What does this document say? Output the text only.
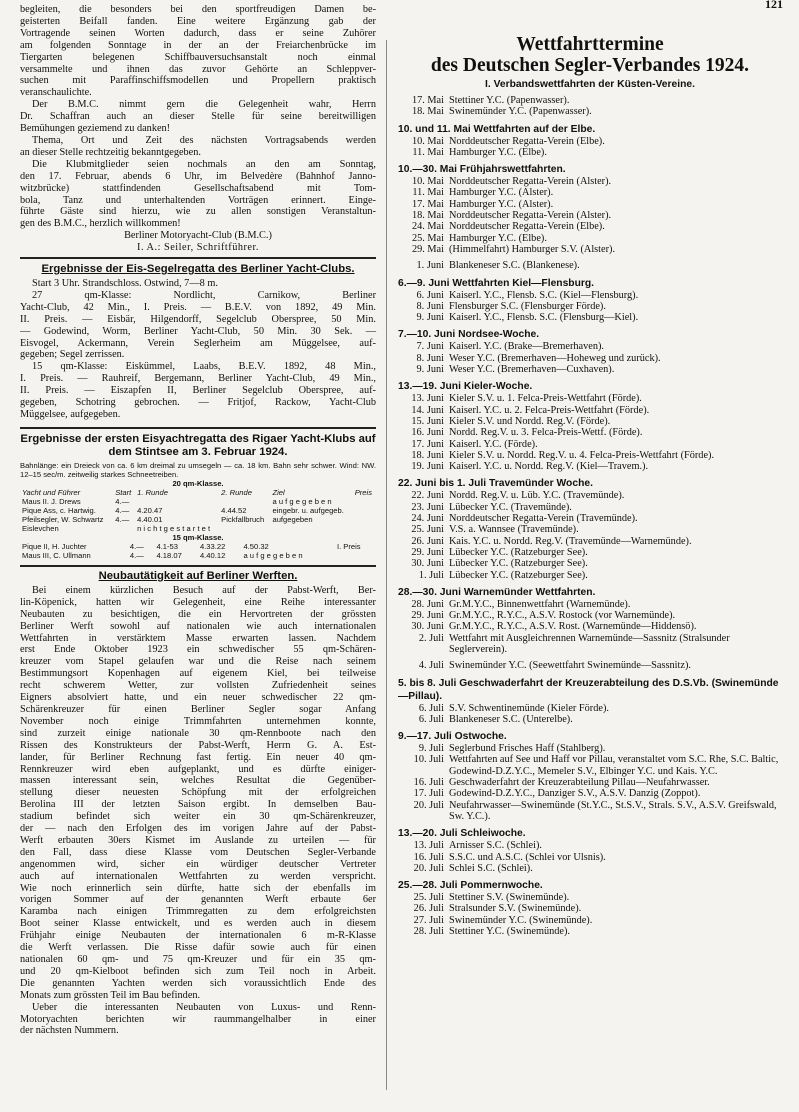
121
begleiten, die besonders bei den sportfreudigen Damen be-
geisterten Beifall fanden. Eine weitere Ergänzung gab der
Vortragende seinen Worten dadurch, dass er seine Zuhörer
am folgenden Sonntage in der an der Freiarchenbrücke im
Tiergarten belegenen Schiffbauversuchsanstalt noch einmal
versammelte und ihnen das zuvor Gehörte an Schleppver-
suchen mit Paraffinschiffsmodellen und Propellern praktisch
veranschaulichte.
Der B.M.C. nimmt gern die Gelegenheit wahr, Herrn
Dr. Schaffran auch an dieser Stelle für seine bereitwilligen
Bemühungen geziemend zu danken!
Thema, Ort und Zeit des nächsten Vortragsabends werden
an dieser Stelle rechtzeitig bekanntgegeben.
Die Klubmitglieder seien nochmals an den am Sonntag,
den 17. Februar, abends 6 Uhr, im Belvedère (Bahnhof Janno-
witzbrücke) stattfindenden Gesellschaftsabend mit Tom-
bola, Tanz und unterhaltenden Vorträgen erinnert. Einge-
führte Gäste sind hierzu, wie zu allen sonstigen Veranstaltun-
gen des B.M.C., herzlich willkommen!

Berliner Motoryacht-Club (B.M.C.)

I. A.: Seiler, Schriftführer.

Ergebnisse der Eis-Segelregatta des Berliner Yacht-Clubs.

Start 3 Uhr. Strandschloss. Ostwind, 7—8 m.
27 qm-Klasse: Nordlicht, Carnikow, Berliner
Yacht-Club, 42 Min., I. Preis. — B.E.V. von 1892, 49 Min.
II. Preis. — Eisbär, Hilgendorff, Segelclub Oberspree, 50 Min.
— Godewind, Worm, Berliner Yacht-Club, 50 Min. 30 Sek. —
Eisvogel, Ackermann, Verein Seglerheim am Müggelsee, auf-
gegeben; Segel zerrissen.
15 qm-Klasse: Eiskümmel, Laabs, B.E.V. 1892, 48 Min.,
I. Preis. — Rauhreif, Bergemann, Berliner Yacht-Club, 49 Min.,
II. Preis. — Eiszapfen II, Berliner Segelclub Oberspree, auf-
gegeben, Schotring gebrochen. — Fritjof, Rackow, Yacht-Club
Müggelsee, aufgegeben.

Ergebnisse der ersten Eisyachtregatta des Rigaer Yacht-Klubs auf dem Stintsee am 3. Februar 1924.

Bahnlänge: ein Dreieck von ca. 6 km dreimal zu umsegeln — ca. 18 km. Bahn sehr schwer. Wind: NW. 12–15 sec/m. zeitweilig starkes Schneetreiben.

20 qm-Klasse.

Yacht und Führer	Start	1. Runde	2. Runde	Ziel	Preis
Maus II. J. Drews	4.—			a u f g e g e b e n	
Pique Ass, c. Hartwig.	4.—	4.20.47	4.44.52	eingebr. u. aufgegeb.	
Pfeilsegler, W. Schwartz	4.—	4.40.01	Pickfallbruch	aufgegeben	
Eislevchen		n i c h t g e s t a r t e t			

15 qm-Klasse.

Pique II, H. Juchter	4.—	4.1-53	4.33.22	4.50.32	I. Preis
Maus III, C. Ullmann	4.—	4.18.07	4.40.12	a u f g e g e b e n	

Neubautätigkeit auf Berliner Werften.

Bei einem kürzlichen Besuch auf der Pabst-Werft, Ber-
lin-Köpenick, hatten wir Gelegenheit, eine Reihe interessanter
Neubauten zu besichtigen, die ein Hervortreten der grössten
Berliner Werft sowohl auf nationalen wie auch internationalen
Wettfahrten in verstärktem Masse erwarten lassen. Nachdem
erst Ende Oktober 1923 ein schwedischer 55 qm-Schären-
kreuzer vom Stapel gelaufen war und die Reise nach seinem
Bestimmungsort Kopenhagen auf eigenem Kiel, bei teilweise
recht schwerem Wetter, zur vollsten Zufriedenheit seines
Eigners absolviert hatte, und ein neuer schwedischer 22 qm-
Schärenkreuzer für einen Berliner Segler sogar Anfang
November noch einige Trimmfahrten unternehmen konnte,
sind zurzeit einige nationale 30 qm-Rennboote nach den
Rissen des Konstrukteurs der Pabst-Werft, Herrn G. A. Est-
lander, für Berliner Rechnung fast fertig. Ein neuer 40 qm-
Rennkreuzer wird eben aufgeplankt, und es dürfte einiger-
massen interessant sein, welches Resultat die Gegenüber-
stellung dieser neuesten Schöpfung mit der erfolgreichen
Berolina III der letzten Saison ergibt. In demselben Bau-
stadium befindet sich weiter ein 30 qm-Schärenkreuzer,
der — nach den Erfolgen des im vorigen Jahre auf der Pabst-
Werft erbauten 30ers Kismet im Auslande zu urteilen — für
den Fall, dass diese Klasse vom Deutschen Segler-Verbande
angenommen wird, sicher ein würdiger deutscher Vertreter
auch auf internationalen Wettfahrten zu werden verspricht.
Wie noch erinnerlich sein dürfte, hatte sich der ebenfalls im
vorigen Sommer auf der genannten Werft erbaute 6er
Karamba nach einigen Trimmregatten zu dem erfolgreichsten
Boot seiner Klasse entwickelt, und es werden auch in diesem
Frühjahr einige Neubauten der internationalen 6 m-R-Klasse
die Werft verlassen. Die Risse dafür sowie auch für einen
nationalen 60 qm- und 75 qm-Kreuzer und für ein 35 qm-
und 20 qm-Kielboot befinden sich zum Teil noch in Arbeit.
Die genannten Yachten werden sich voraussichtlich Ende des
Monats zum grössten Teil im Bau befinden.
Ueber die interessanten Neubauten von Luxus- und Renn-
Motoryachten berichten wir raummangelhalber in einer
der nächsten Nummern.

Wettfahrttermine

des Deutschen Segler-Verbandes 1924.

I. Verbandswettfahrten der Küsten-Vereine.

17. Mai Stettiner Y.C. (Papenwasser).
18. Mai Swinemünder Y.C. (Papenwasser).
10. und 11. Mai Wettfahrten auf der Elbe.
10. Mai Norddeutscher Regatta-Verein (Elbe).
11. Mai Hamburger Y.C. (Elbe).
10.—30. Mai Frühjahrswettfahrten.
10. Mai Norddeutscher Regatta-Verein (Alster).
11. Mai Hamburger Y.C. (Alster).
17. Mai Hamburger Y.C. (Alster).
18. Mai Norddeutscher Regatta-Verein (Alster).
24. Mai Norddeutscher Regatta-Verein (Elbe).
25. Mai Hamburger Y.C. (Elbe).
29. Mai (Himmelfahrt) Hamburger S.V. (Alster).
1. Juni Blankeneser S.C. (Blankenese).
6.—9. Juni Wettfahrten Kiel—Flensburg.
6. Juni Kaiserl. Y.C., Flensb. S.C. (Kiel—Flensburg).
8. Juni Flensburger S.C. (Flensburger Förde).
9. Juni Kaiserl. Y.C., Flensb. S.C. (Flensburg—Kiel).
7.—10. Juni Nordsee-Woche.
7. Juni Kaiserl. Y.C. (Brake—Bremerhaven).
8. Juni Weser Y.C. (Bremerhaven—Hoheweg und zurück).
9. Juni Weser Y.C. (Bremerhaven—Cuxhaven).
13.—19. Juni Kieler-Woche.
13. Juni Kieler S.V. u. 1. Felca-Preis-Wettfahrt (Förde).
14. Juni Kaiserl. Y.C. u. 2. Felca-Preis-Wettfahrt (Förde).
15. Juni Kieler S.V. und Nordd. Reg.V. (Förde).
16. Juni Nordd. Reg.V. u. 3. Felca-Preis-Wettf. (Förde).
17. Juni Kaiserl. Y.C. (Förde).
18. Juni Kieler S.V. u. Nordd. Reg.V. u. 4. Felca-Preis-Wettfahrt (Förde).
19. Juni Kaiserl. Y.C. u. Nordd. Reg.V. (Kiel—Travem.).
22. Juni bis 1. Juli Travemünder Woche.
22. Juni Nordd. Reg.V. u. Lüb. Y.C. (Travemünde).
23. Juni Lübecker Y.C. (Travemünde).
24. Juni Norddeutscher Regatta-Verein (Travemünde).
25. Juni V.S. a. Wannsee (Travemünde).
26. Juni Kais. Y.C. u. Nordd. Reg.V. (Travemünde—Warnemünde).
29. Juni Lübecker Y.C. (Ratzeburger See).
30. Juni Lübecker Y.C. (Ratzeburger See).
1. Juli Lübecker Y.C. (Ratzeburger See).
28.—30. Juni Warnemünder Wettfahrten.
28. Juni Gr.M.Y.C., Binnenwettfahrt (Warnemünde).
29. Juni Gr.M.Y.C., R.Y.C., A.S.V. Rostock (vor Warnemünde).
30. Juni Gr.M.Y.C., R.Y.C., A.S.V. Rost. (Warnemünde—Hiddensö).
2. Juli Wettfahrt mit Ausgleichrennen Warnemünde—Sassnitz (Stralsunder Seglerverein).
4. Juli Swinemünder Y.C. (Seewettfahrt Swinemünde—Sassnitz).
5. bis 8. Juli Geschwaderfahrt der Kreuzerabteilung des D.S.Vb. (Swinemünde—Pillau).
6. Juli S.V. Schwentinemünde (Kieler Förde).
6. Juli Blankeneser S.C. (Unterelbe).
9.—17. Juli Ostwoche.
9. Juli Seglerbund Frisches Haff (Stahlberg).
10. Juli Wettfahrten auf See und Haff vor Pillau, veranstaltet vom S.C. Rhe, S.C. Baltic, Godewind-D.Z.Y.C., Memeler S.V., Elbinger Y.C. und Kais. Y.C.
16. Juli Geschwaderfahrt der Kreuzerabteilung Pillau—Neufahrwasser.
17. Juli Godewind-D.Z.Y.C., Danziger S.V., A.S.V. Danzig (Zoppot).
20. Juli Neufahrwasser—Swinemünde (St.Y.C., St.S.V., Strals. S.V., A.S.V. Greifswald, Sw. Y.C.).
13.—20. Juli Schleiwoche.
13. Juli Arnisser S.C. (Schlei).
16. Juli S.S.C. und A.S.C. (Schlei vor Ulsnis).
20. Juli Schlei S.C. (Schlei).
25.—28. Juli Pommernwoche.
25. Juli Stettiner S.V. (Swinemünde).
26. Juli Stralsunder S.V. (Swinemünde).
27. Juli Swinemünder Y.C. (Swinemünde).
28. Juli Stettiner Y.C. (Swinemünde).
